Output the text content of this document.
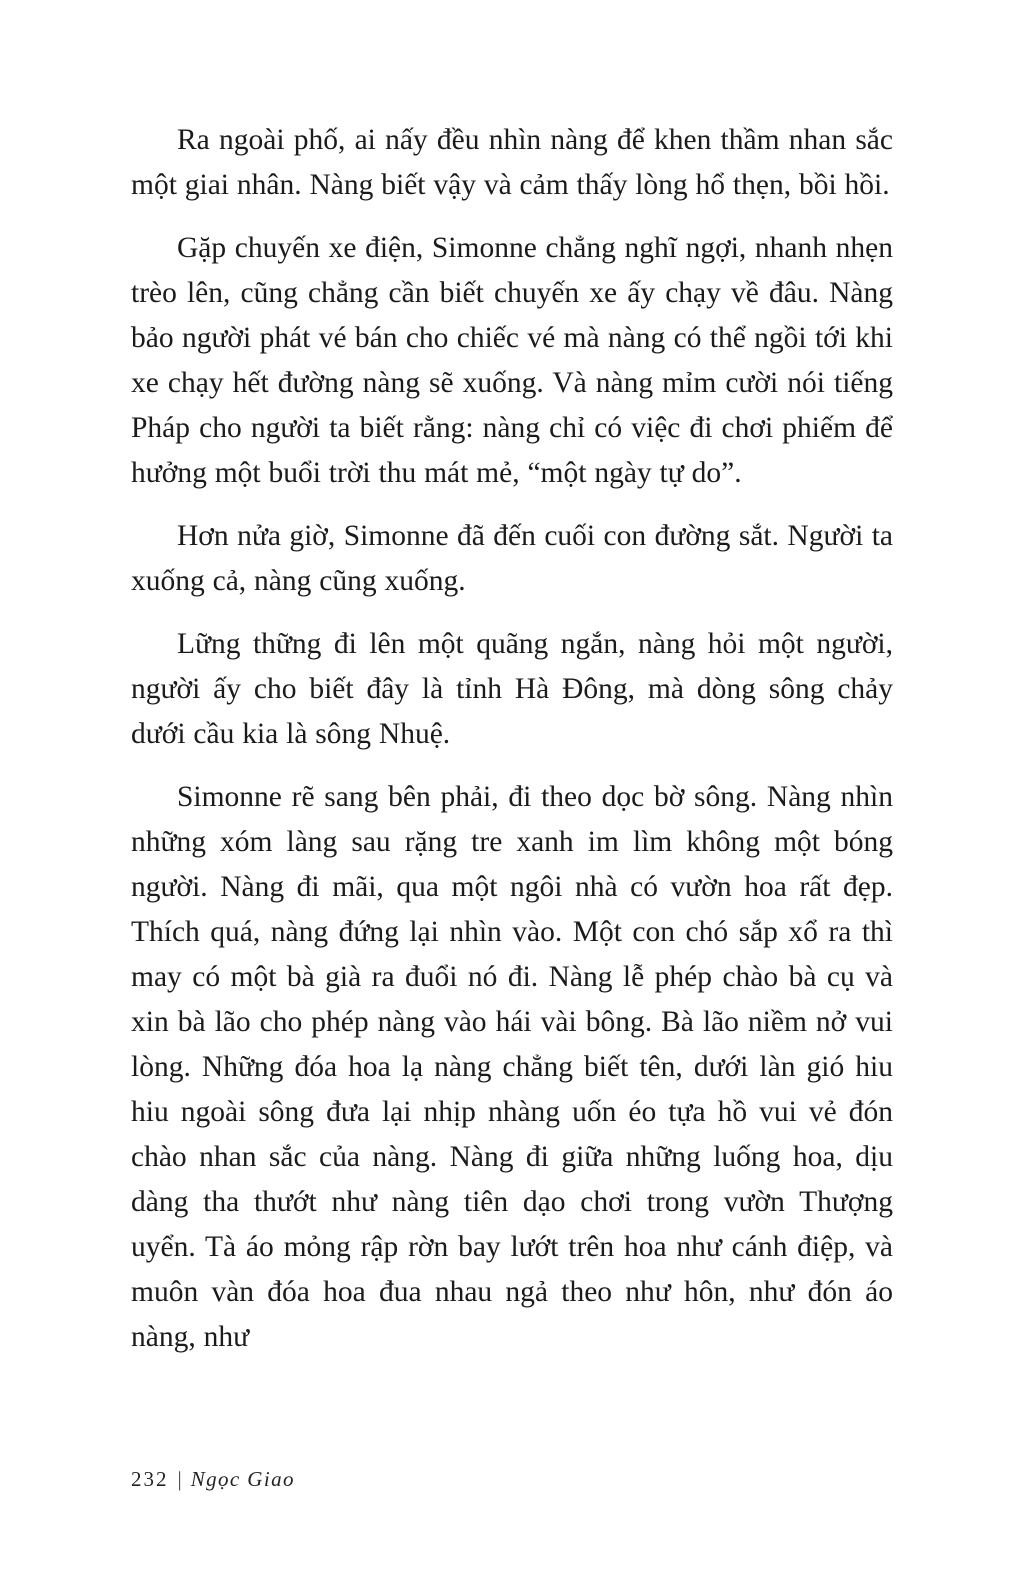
Ra ngoài phố, ai nấy đều nhìn nàng để khen thầm nhan sắc một giai nhân. Nàng biết vậy và cảm thấy lòng hổ thẹn, bồi hồi.

Gặp chuyến xe điện, Simonne chẳng nghĩ ngợi, nhanh nhẹn trèo lên, cũng chẳng cần biết chuyến xe ấy chạy về đâu. Nàng bảo người phát vé bán cho chiếc vé mà nàng có thể ngồi tới khi xe chạy hết đường nàng sẽ xuống. Và nàng mỉm cười nói tiếng Pháp cho người ta biết rằng: nàng chỉ có việc đi chơi phiếm để hưởng một buổi trời thu mát mẻ, “một ngày tự do”.

Hơn nửa giờ, Simonne đã đến cuối con đường sắt. Người ta xuống cả, nàng cũng xuống.

Lững thững đi lên một quãng ngắn, nàng hỏi một người, người ấy cho biết đây là tỉnh Hà Đông, mà dòng sông chảy dưới cầu kia là sông Nhuệ.

Simonne rẽ sang bên phải, đi theo dọc bờ sông. Nàng nhìn những xóm làng sau rặng tre xanh im lìm không một bóng người. Nàng đi mãi, qua một ngôi nhà có vườn hoa rất đẹp. Thích quá, nàng đứng lại nhìn vào. Một con chó sắp xổ ra thì may có một bà già ra đuổi nó đi. Nàng lễ phép chào bà cụ và xin bà lão cho phép nàng vào hái vài bông. Bà lão niềm nở vui lòng. Những đóa hoa lạ nàng chẳng biết tên, dưới làn gió hiu hiu ngoài sông đưa lại nhịp nhàng uốn éo tựa hồ vui vẻ đón chào nhan sắc của nàng. Nàng đi giữa những luống hoa, dịu dàng tha thướt như nàng tiên dạo chơi trong vườn Thượng uyển. Tà áo mỏng rập rờn bay lướt trên hoa như cánh điệp, và muôn vàn đóa hoa đua nhau ngả theo như hôn, như đón áo nàng, như

232 | Ngọc Giao
